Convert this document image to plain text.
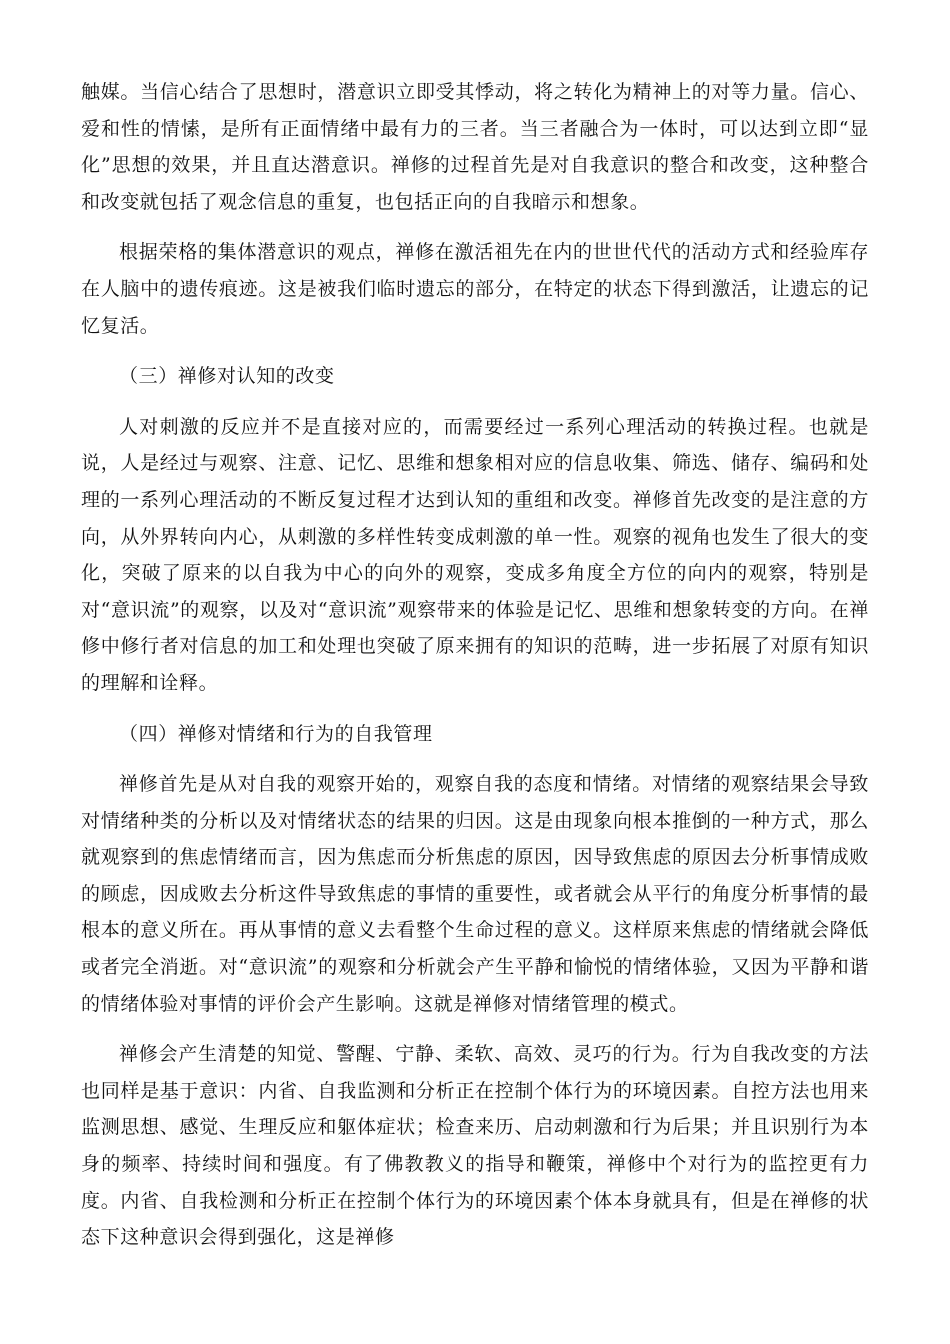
触媒。当信心结合了思想时，潜意识立即受其悸动，将之转化为精神上的对等力量。信心、爱和性的情愫，是所有正面情绪中最有力的三者。当三者融合为一体时，可以达到立即“显化”思想的效果，并且直达潜意识。禅修的过程首先是对自我意识的整合和改变，这种整合和改变就包括了观念信息的重复，也包括正向的自我暗示和想象。

根据荣格的集体潜意识的观点，禅修在激活祖先在内的世世代代的活动方式和经验库存在人脑中的遗传痕迹。这是被我们临时遗忘的部分，在特定的状态下得到激活，让遗忘的记忆复活。

（三）禅修对认知的改变

人对刺激的反应并不是直接对应的，而需要经过一系列心理活动的转换过程。也就是说，人是经过与观察、注意、记忆、思维和想象相对应的信息收集、筛选、储存、编码和处理的一系列心理活动的不断反复过程才达到认知的重组和改变。禅修首先改变的是注意的方向，从外界转向内心，从刺激的多样性转变成刺激的单一性。观察的视角也发生了很大的变化，突破了原来的以自我为中心的向外的观察，变成多角度全方位的向内的观察，特别是对“意识流”的观察，以及对“意识流”观察带来的体验是记忆、思维和想象转变的方向。在禅修中修行者对信息的加工和处理也突破了原来拥有的知识的范畴，进一步拓展了对原有知识的理解和诠释。

（四）禅修对情绪和行为的自我管理

禅修首先是从对自我的观察开始的，观察自我的态度和情绪。对情绪的观察结果会导致对情绪种类的分析以及对情绪状态的结果的归因。这是由现象向根本推倒的一种方式，那么就观察到的焦虑情绪而言，因为焦虑而分析焦虑的原因，因导致焦虑的原因去分析事情成败的顾虑，因成败去分析这件导致焦虑的事情的重要性，或者就会从平行的角度分析事情的最根本的意义所在。再从事情的意义去看整个生命过程的意义。这样原来焦虑的情绪就会降低或者完全消逝。对“意识流”的观察和分析就会产生平静和愉悦的情绪体验，又因为平静和谐的情绪体验对事情的评价会产生影响。这就是禅修对情绪管理的模式。

禅修会产生清楚的知觉、警醒、宁静、柔软、高效、灵巧的行为。行为自我改变的方法也同样是基于意识：内省、自我监测和分析正在控制个体行为的环境因素。自控方法也用来监测思想、感觉、生理反应和躯体症状；检查来历、启动刺激和行为后果；并且识别行为本身的频率、持续时间和强度。有了佛教教义的指导和鞭策，禅修中个对行为的监控更有力度。内省、自我检测和分析正在控制个体行为的环境因素个体本身就具有，但是在禅修的状态下这种意识会得到强化，这是禅修
